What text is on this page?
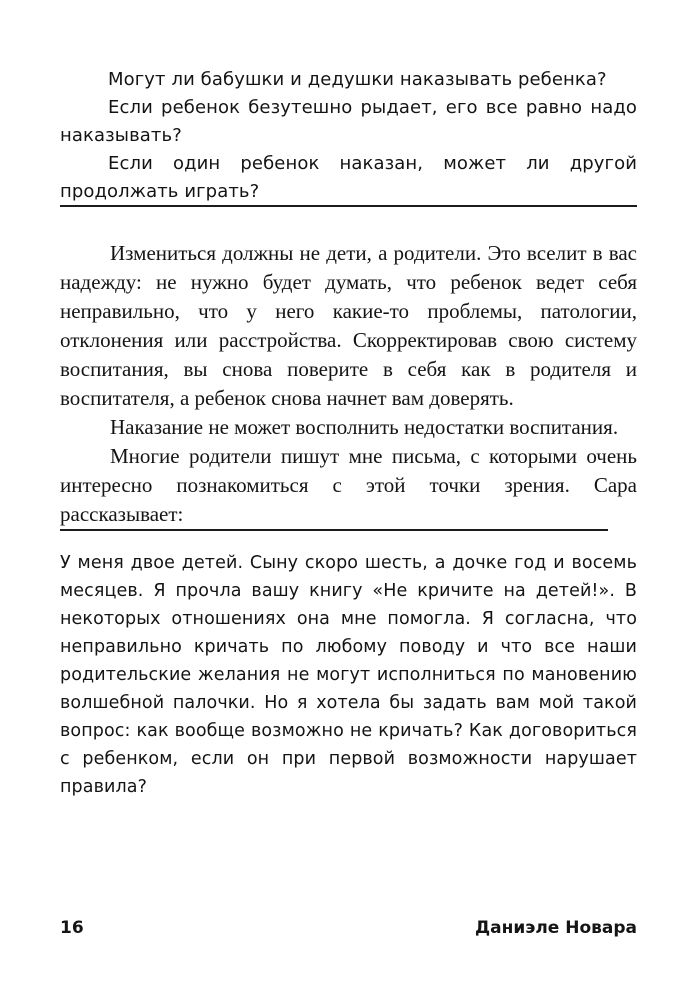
Могут ли бабушки и дедушки наказывать ребенка?

Если ребенок безутешно рыдает, его все равно надо наказывать?

Если один ребенок наказан, может ли другой продолжать играть?

Измениться должны не дети, а родители. Это вселит в вас надежду: не нужно будет думать, что ребенок ведет себя неправильно, что у него какие-то проблемы, патологии, отклонения или расстройства. Скорректировав свою систему воспитания, вы снова поверите в себя как в родителя и воспитателя, а ребенок снова начнет вам доверять.

Наказание не может восполнить недостатки воспитания.

Многие родители пишут мне письма, с которыми очень интересно познакомиться с этой точки зрения. Сара рассказывает:

У меня двое детей. Сыну скоро шесть, а дочке год и восемь месяцев. Я прочла вашу книгу «Не кричите на детей!». В некоторых отношениях она мне помогла. Я согласна, что неправильно кричать по любому поводу и что все наши родительские желания не могут исполниться по мановению волшебной палочки. Но я хотела бы задать вам мой такой вопрос: как вообще возможно не кричать? Как договориться с ребенком, если он при первой возможности нарушает правила?

16	Даниэле Новара
